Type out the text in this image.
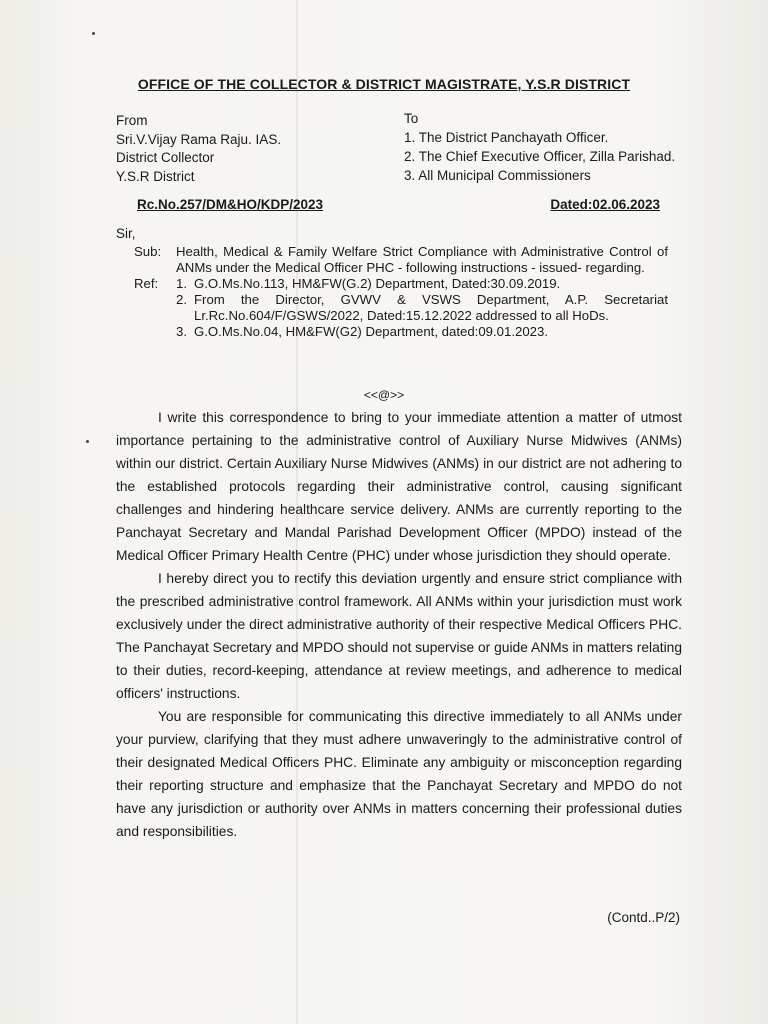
OFFICE OF THE COLLECTOR & DISTRICT MAGISTRATE, Y.S.R DISTRICT
From
Sri.V.Vijay Rama Raju. IAS.
District Collector
Y.S.R District
To
1. The District Panchayath Officer.
2. The Chief Executive Officer, Zilla Parishad.
3. All Municipal Commissioners
Rc.No.257/DM&HO/KDP/2023	Dated:02.06.2023
Sir,
Sub:	Health, Medical & Family Welfare Strict Compliance with Administrative Control of ANMs under the Medical Officer PHC - following instructions - issued- regarding.
Ref:	1. G.O.Ms.No.113, HM&FW(G.2) Department, Dated:30.09.2019.
2. From the Director, GVWV & VSWS Department, A.P. Secretariat Lr.Rc.No.604/F/GSWS/2022, Dated:15.12.2022 addressed to all HoDs.
3. G.O.Ms.No.04, HM&FW(G2) Department, dated:09.01.2023.
<<@>>

I write this correspondence to bring to your immediate attention a matter of utmost importance pertaining to the administrative control of Auxiliary Nurse Midwives (ANMs) within our district. Certain Auxiliary Nurse Midwives (ANMs) in our district are not adhering to the established protocols regarding their administrative control, causing significant challenges and hindering healthcare service delivery. ANMs are currently reporting to the Panchayat Secretary and Mandal Parishad Development Officer (MPDO) instead of the Medical Officer Primary Health Centre (PHC) under whose jurisdiction they should operate.

I hereby direct you to rectify this deviation urgently and ensure strict compliance with the prescribed administrative control framework. All ANMs within your jurisdiction must work exclusively under the direct administrative authority of their respective Medical Officers PHC. The Panchayat Secretary and MPDO should not supervise or guide ANMs in matters relating to their duties, record-keeping, attendance at review meetings, and adherence to medical officers' instructions.

You are responsible for communicating this directive immediately to all ANMs under your purview, clarifying that they must adhere unwaveringly to the administrative control of their designated Medical Officers PHC. Eliminate any ambiguity or misconception regarding their reporting structure and emphasize that the Panchayat Secretary and MPDO do not have any jurisdiction or authority over ANMs in matters concerning their professional duties and responsibilities.

(Contd..P/2)
